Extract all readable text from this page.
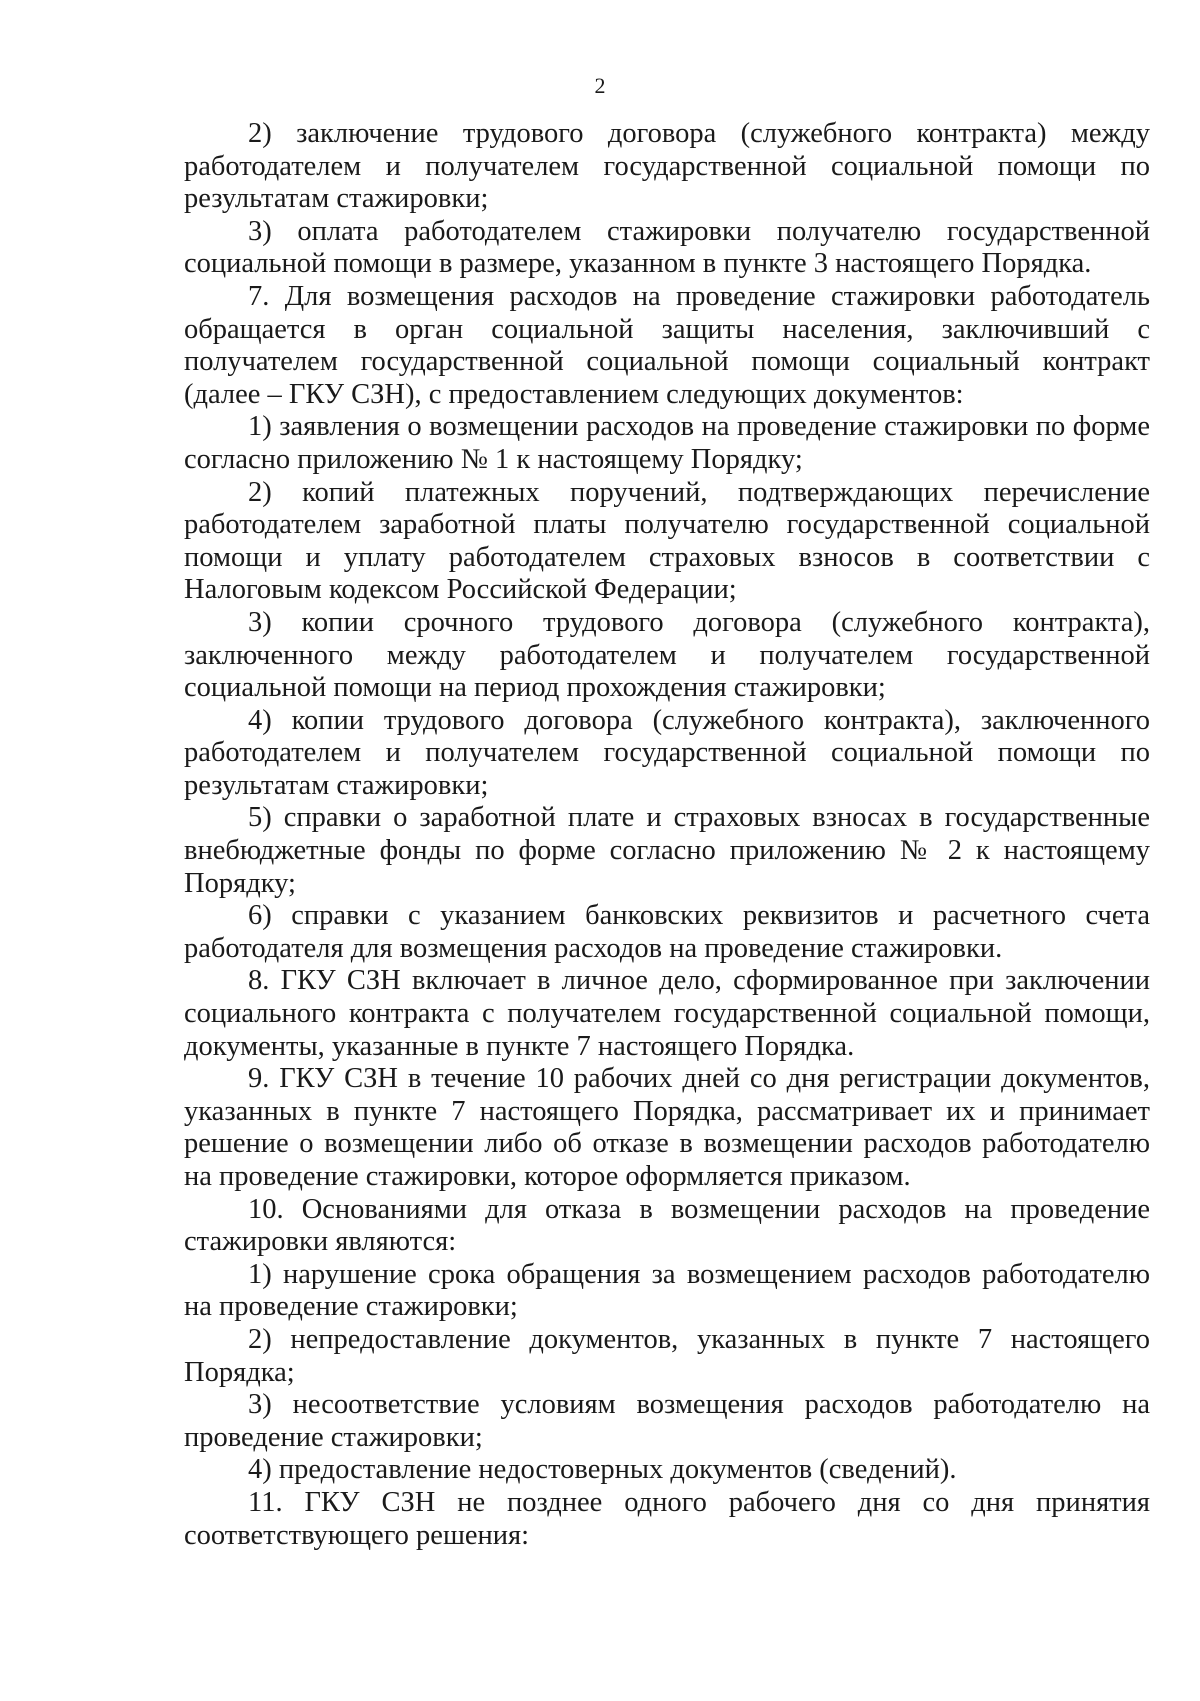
2

2) заключение трудового договора (служебного контракта) между работодателем и получателем государственной социальной помощи по результатам стажировки;

3) оплата работодателем стажировки получателю государственной социальной помощи в размере, указанном в пункте 3 настоящего Порядка.

7. Для возмещения расходов на проведение стажировки работодатель обращается в орган социальной защиты населения, заключивший с получателем государственной социальной помощи социальный контракт (далее – ГКУ СЗН), с предоставлением следующих документов:

1) заявления о возмещении расходов на проведение стажировки по форме согласно приложению № 1 к настоящему Порядку;

2) копий платежных поручений, подтверждающих перечисление работодателем заработной платы получателю государственной социальной помощи и уплату работодателем страховых взносов в соответствии с Налоговым кодексом Российской Федерации;

3) копии срочного трудового договора (служебного контракта), заключенного между работодателем и получателем государственной социальной помощи на период прохождения стажировки;

4) копии трудового договора (служебного контракта), заключенного работодателем и получателем государственной социальной помощи по результатам стажировки;

5) справки о заработной плате и страховых взносах в государственные внебюджетные фонды по форме согласно приложению № 2 к настоящему Порядку;

6) справки с указанием банковских реквизитов и расчетного счета работодателя для возмещения расходов на проведение стажировки.

8. ГКУ СЗН включает в личное дело, сформированное при заключении социального контракта с получателем государственной социальной помощи, документы, указанные в пункте 7 настоящего Порядка.

9. ГКУ СЗН в течение 10 рабочих дней со дня регистрации документов, указанных в пункте 7 настоящего Порядка, рассматривает их и принимает решение о возмещении либо об отказе в возмещении расходов работодателю на проведение стажировки, которое оформляется приказом.

10. Основаниями для отказа в возмещении расходов на проведение стажировки являются:

1) нарушение срока обращения за возмещением расходов работодателю на проведение стажировки;

2) непредоставление документов, указанных в пункте 7 настоящего Порядка;

3) несоответствие условиям возмещения расходов работодателю на проведение стажировки;

4) предоставление недостоверных документов (сведений).

11. ГКУ СЗН не позднее одного рабочего дня со дня принятия соответствующего решения:
